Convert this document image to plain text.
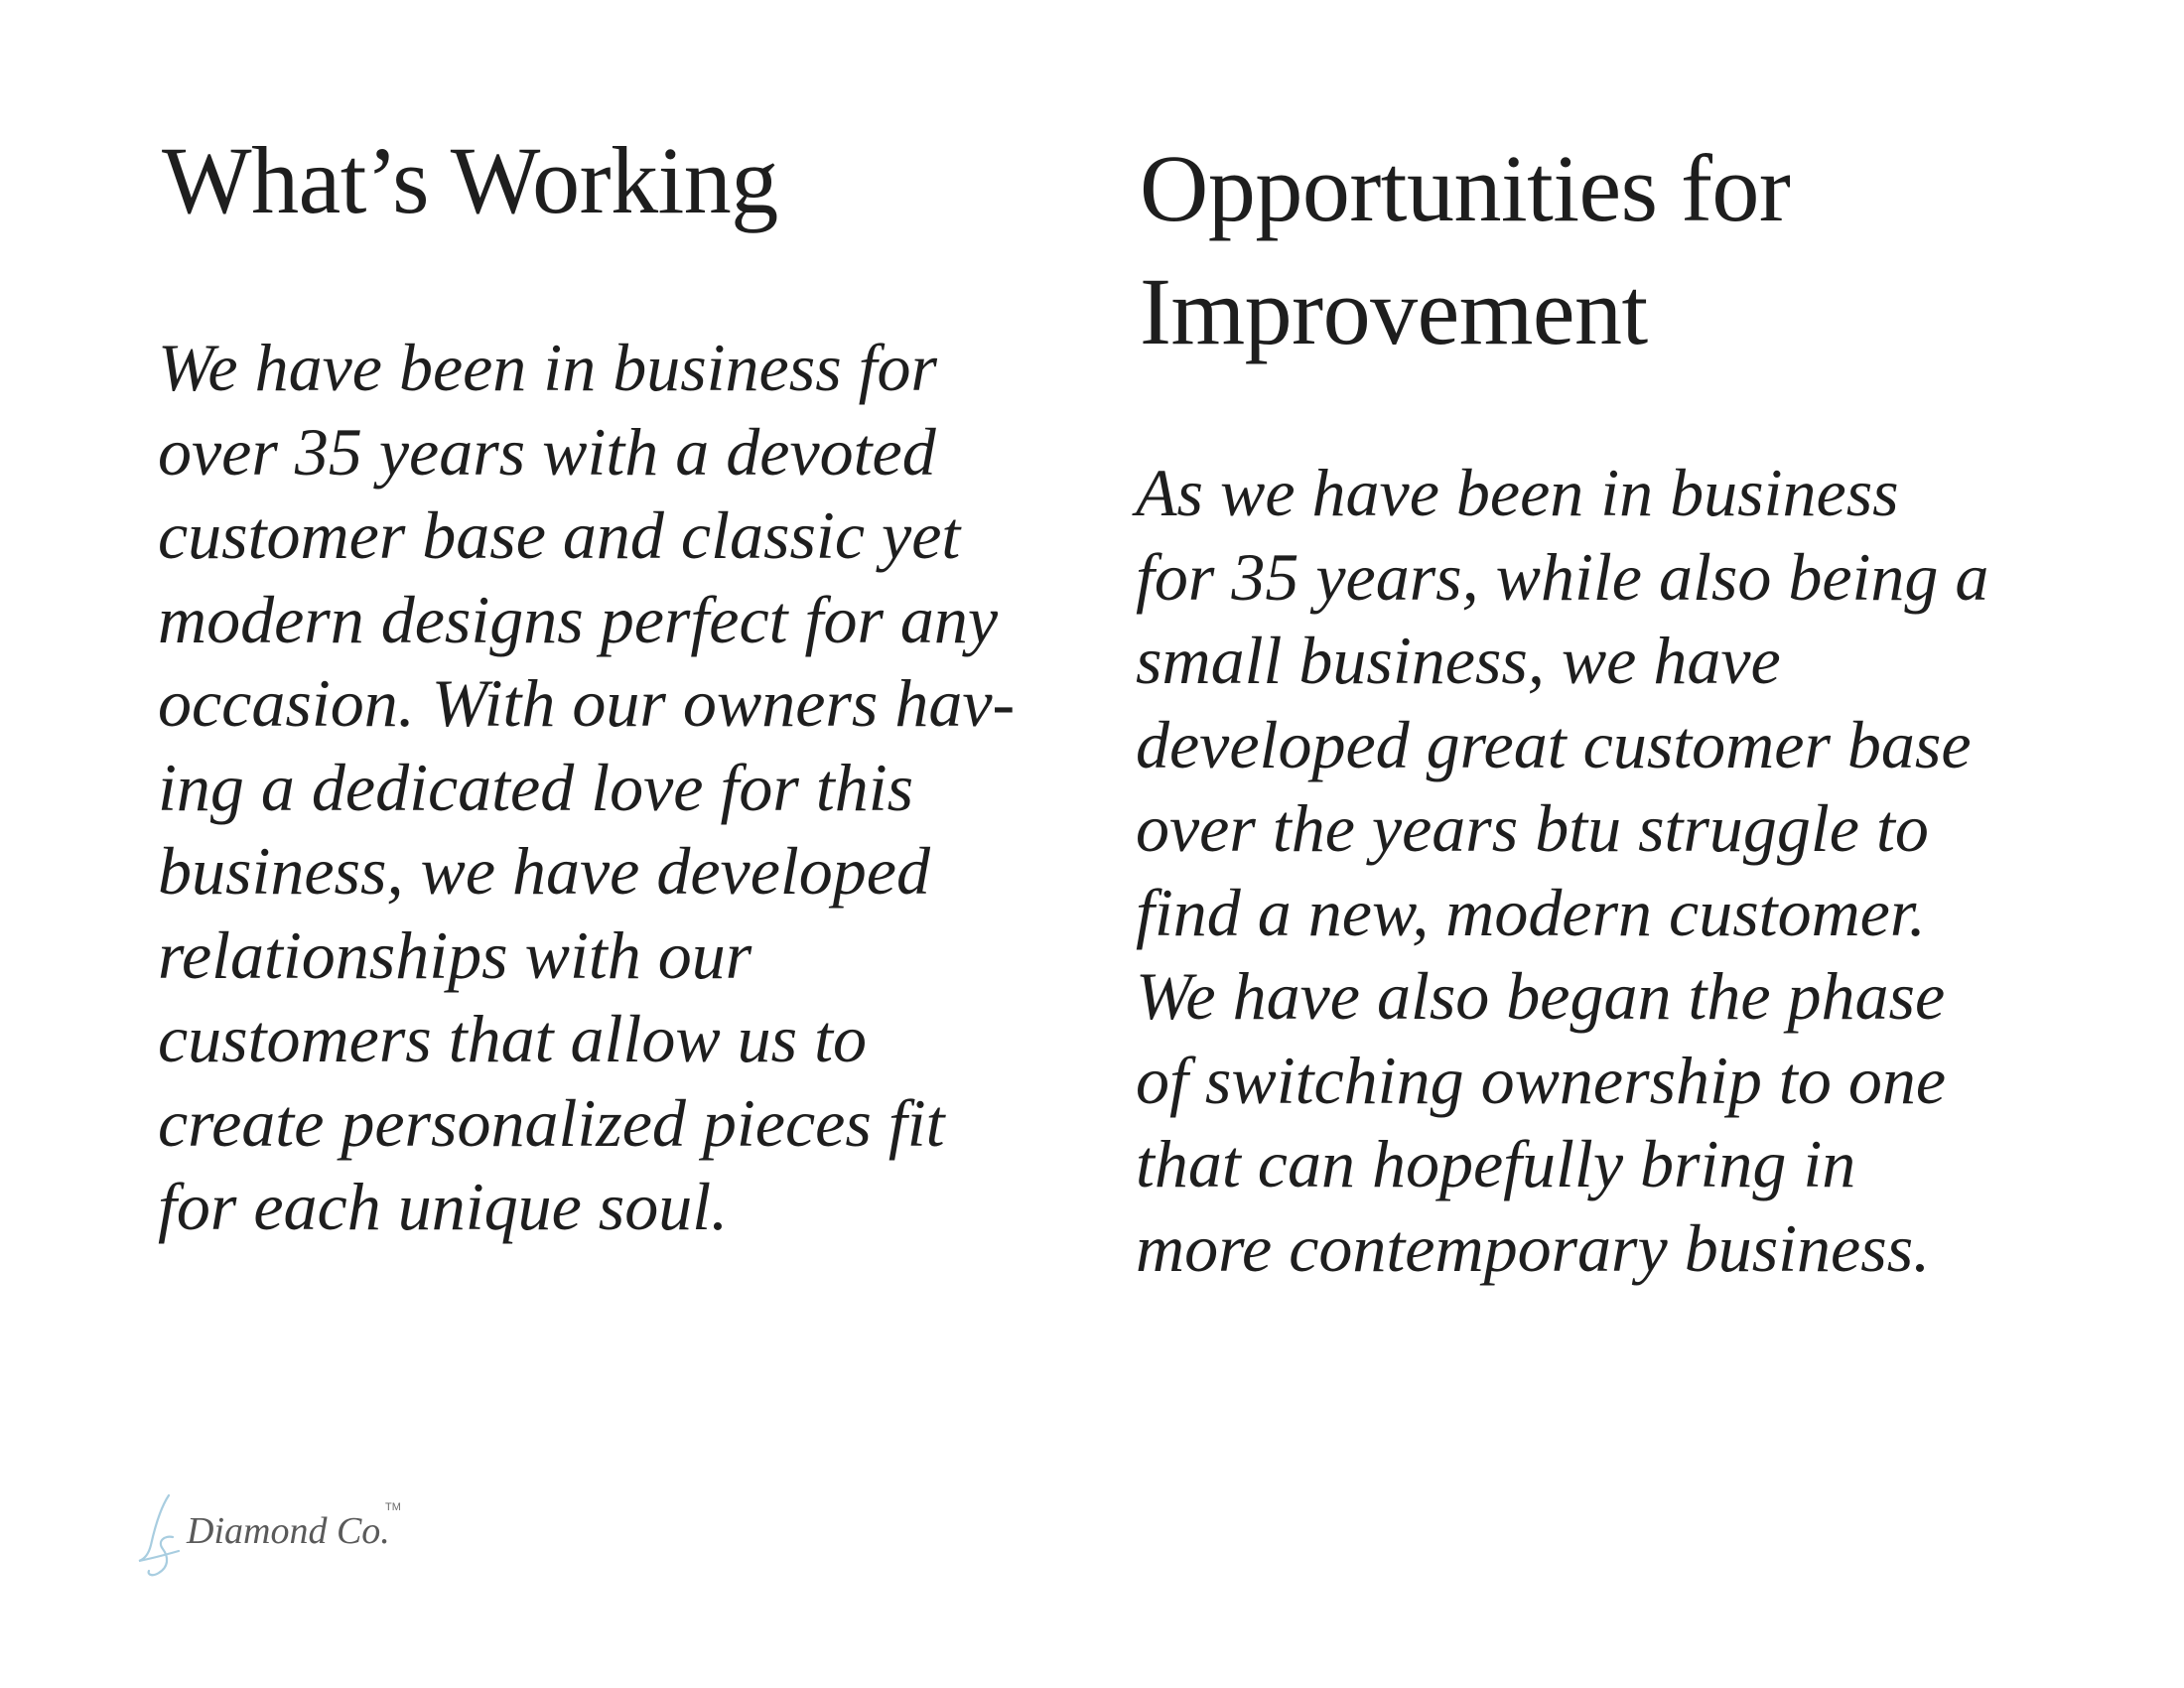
What’s Working

We have been in business for
over 35 years with a devoted
customer base and classic yet
modern designs perfect for any
occasion. With our owners hav-
ing a dedicated love for this
business, we have developed
relationships with our
customers that allow us to
create personalized pieces fit
for each unique soul.

Opportunities for
Improvement

As we have been in business
for 35 years, while also being a
small business, we have
developed great customer base
over the years btu struggle to
find a new, modern customer.
We have also began the phase
of switching ownership to one
that can hopefully bring in
more contemporary business.

Diamond Co.
TM
